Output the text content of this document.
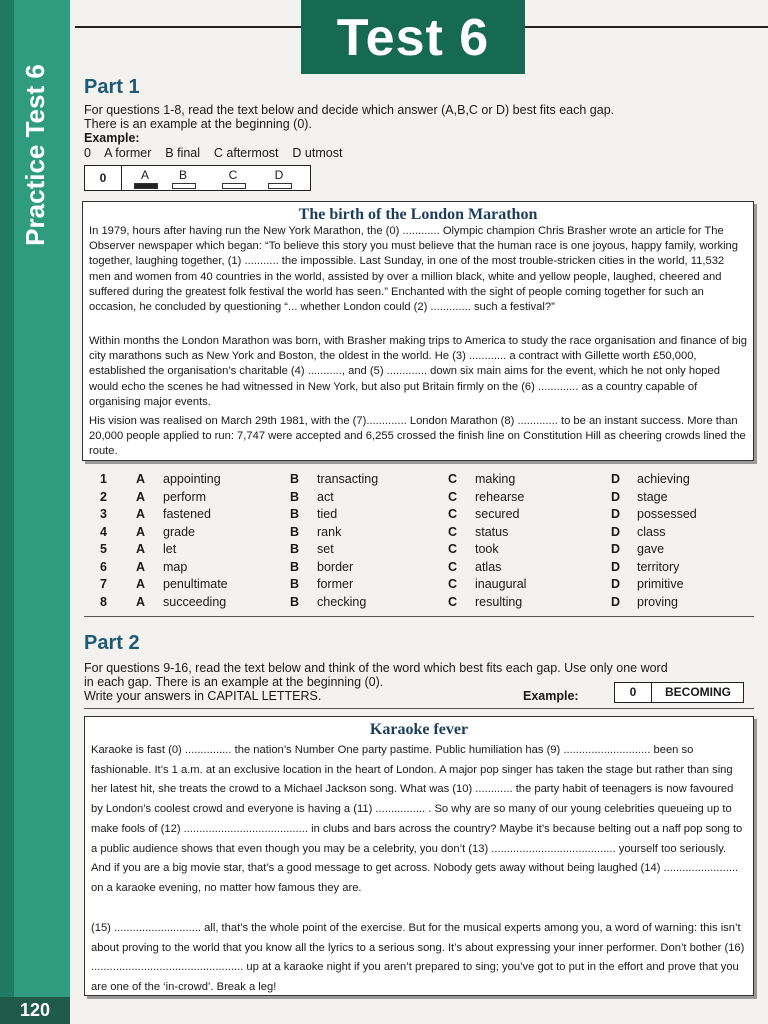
Practice Test 6
120
Test 6
Part 1
For questions 1-8, read the text below and decide which answer (A,B,C or D) best fits each gap.
There is an example at the beginning (0).
Example:
0    A former    B final    C aftermost    D utmost
0	A	B	C	D
The birth of the London Marathon

In 1979, hours after having run the New York Marathon, the (0) ............ Olympic champion Chris Brasher wrote an article for The Observer newspaper which began: “To believe this story you must believe that the human race is one joyous, happy family, working together, laughing together, (1) ........... the impossible. Last Sunday, in one of the most trouble-stricken cities in the world, 11,532 men and women from 40 countries in the world, assisted by over a million black, white and yellow people, laughed, cheered and suffered during the greatest folk festival the world has seen.” Enchanted with the sight of people coming together for such an occasion, he concluded by questioning “... whether London could (2) ............. such a festival?”

Within months the London Marathon was born, with Brasher making trips to America to study the race organisation and finance of big city marathons such as New York and Boston, the oldest in the world. He (3) ............ a contract with Gillette worth £50,000, established the organisation’s charitable (4) ..........., and (5) ............. down six main aims for the event, which he not only hoped would echo the scenes he had witnessed in New York, but also put Britain firmly on the (6) ............. as a country capable of organising major events.

His vision was realised on March 29th 1981, with the (7)............. London Marathon (8) ............. to be an instant success. More than 20,000 people applied to run: 7,747 were accepted and 6,255 crossed the finish line on Constitution Hill as cheering crowds lined the route.

1 A appointing	B transacting	C making	D achieving
2 A perform	B act	C rehearse	D stage
3 A fastened	B tied	C secured	D possessed
4 A grade	B rank	C status	D class
5 A let	B set	C took	D gave
6 A map	B border	C atlas	D territory
7 A penultimate	B former	C inaugural	D primitive
8 A succeeding	B checking	C resulting	D proving
Part 2
For questions 9-16, read the text below and think of the word which best fits each gap. Use only one word
in each gap. There is an example at the beginning (0).
Write your answers in CAPITAL LETTERS.	Example:	0	BECOMING
Karaoke fever

Karaoke is fast (0) ............... the nation’s Number One party pastime. Public humiliation has (9) ............................ been so fashionable. It’s 1 a.m. at an exclusive location in the heart of London. A major pop singer has taken the stage but rather than sing her latest hit, she treats the crowd to a Michael Jackson song. What was (10) ............ the party habit of teenagers is now favoured by London’s coolest crowd and everyone is having a (11) ................ . So why are so many of our young celebrities queueing up to make fools of (12) ........................................ in clubs and bars across the country? Maybe it’s because belting out a naff pop song to a public audience shows that even though you may be a celebrity, you don’t (13) ........................................ yourself too seriously. And if you are a big movie star, that’s a good message to get across. Nobody gets away without being laughed (14) ........................ on a karaoke evening, no matter how famous they are.

(15) ............................ all, that’s the whole point of the exercise. But for the musical experts among you, a word of warning: this isn’t about proving to the world that you know all the lyrics to a serious song. It’s about expressing your inner performer. Don’t bother (16) ................................................. up at a karaoke night if you aren’t prepared to sing; you’ve got to put in the effort and prove that you are one of the ‘in-crowd’. Break a leg!
